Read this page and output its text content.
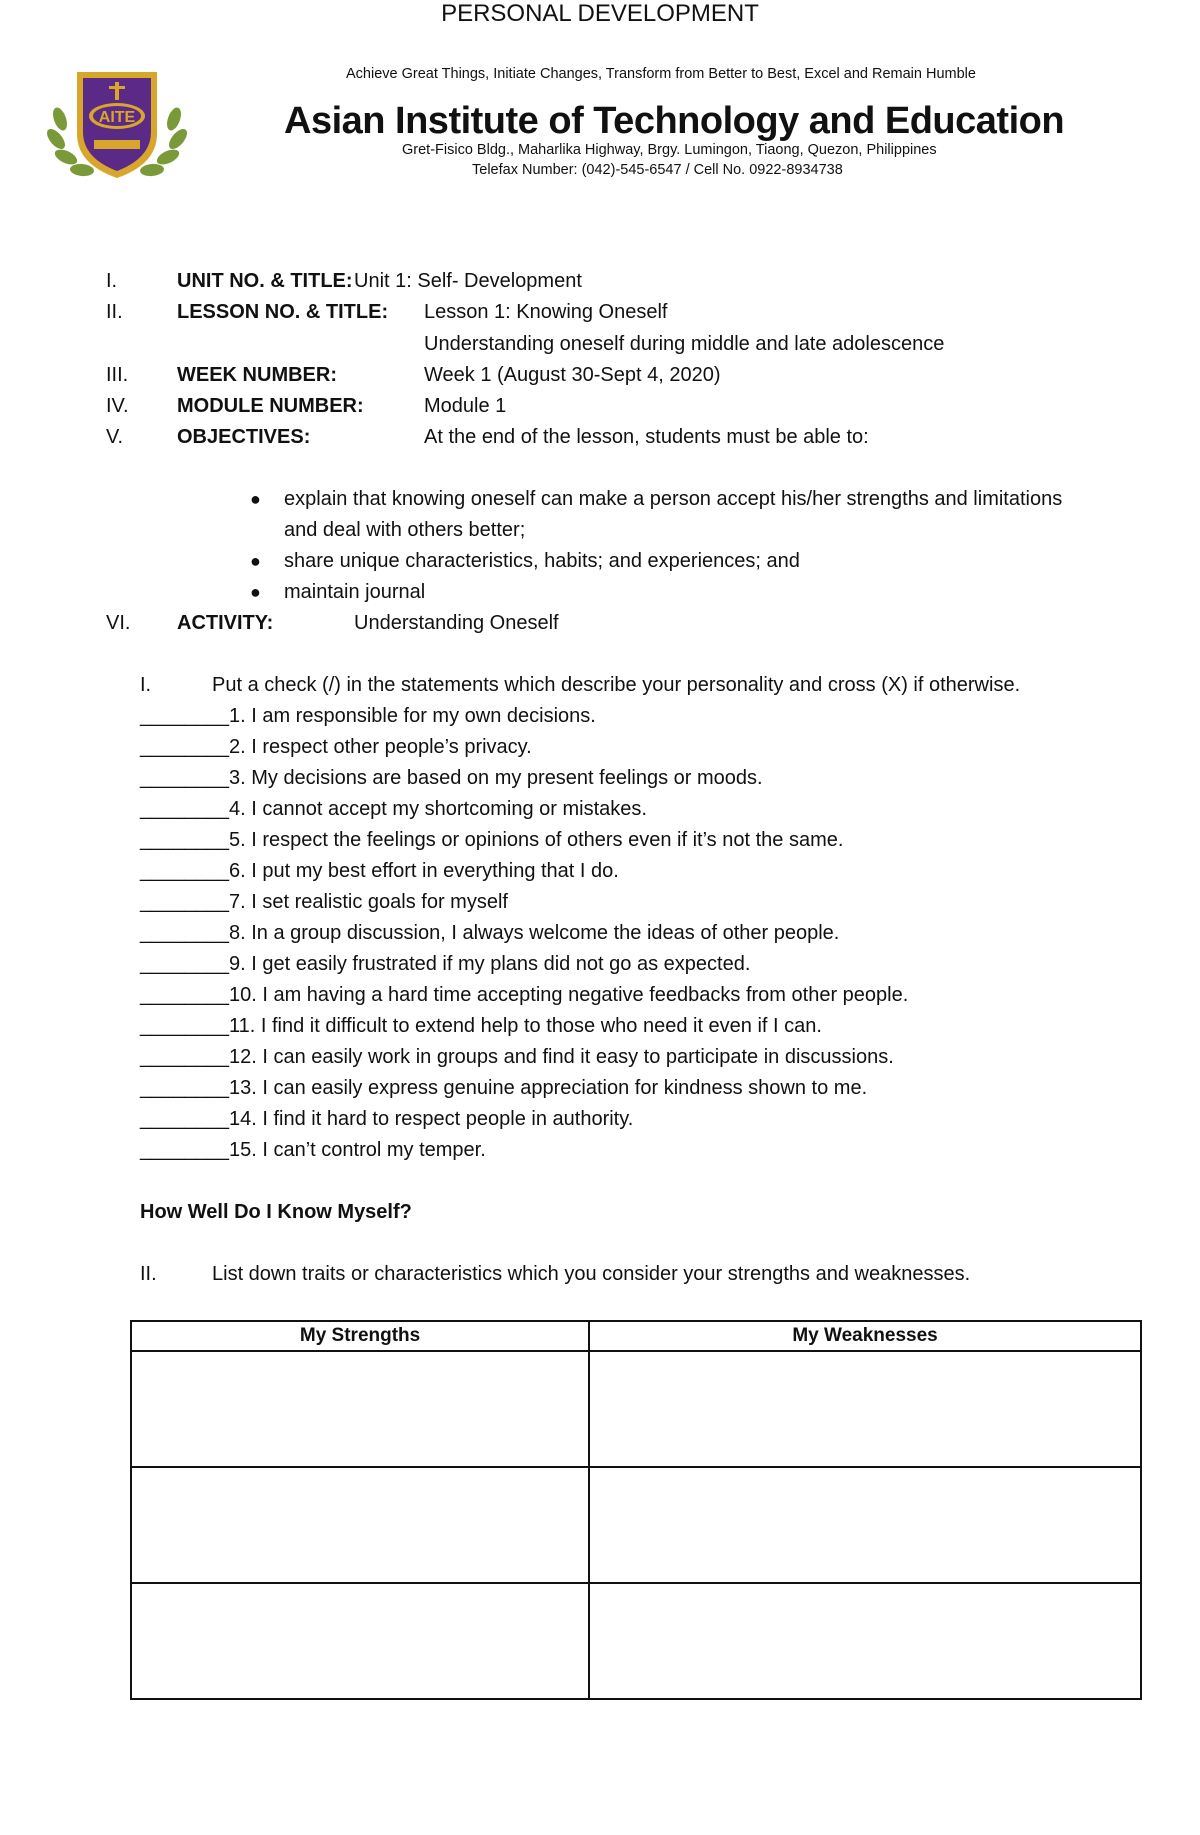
AITE
Achieve Great Things, Initiate Changes, Transform from Better to Best, Excel and Remain Humble
Asian Institute of Technology and Education
Gret-Fisico Bldg., Maharlika Highway, Brgy. Lumingon, Tiaong, Quezon, Philippines
Telefax Number: (042)-545-6547 / Cell No. 0922-8934738
PERSONAL DEVELOPMENT
I.	UNIT NO. & TITLE: Unit 1: Self- Development
II.	LESSON NO. & TITLE: Lesson 1: Knowing Oneself
Understanding oneself during middle and late adolescence
III. WEEK NUMBER:	Week 1 (August 30-Sept 4, 2020)
IV. MODULE NUMBER:	Module 1
V.	OBJECTIVES:	At the end of the lesson, students must be able to:
● explain that knowing oneself can make a person accept his/her strengths and limitations
and deal with others better;
● share unique characteristics, habits; and experiences; and
● maintain journal
VI. ACTIVITY:	Understanding Oneself
I.	Put a check (/) in the statements which describe your personality and cross (X) if otherwise.
________1. I am responsible for my own decisions.
________2. I respect other people’s privacy.
________3. My decisions are based on my present feelings or moods.
________4. I cannot accept my shortcoming or mistakes.
________5. I respect the feelings or opinions of others even if it’s not the same.
________6. I put my best effort in everything that I do.
________7. I set realistic goals for myself
________8. In a group discussion, I always welcome the ideas of other people.
________9. I get easily frustrated if my plans did not go as expected.
________10. I am having a hard time accepting negative feedbacks from other people.
________11. I find it difficult to extend help to those who need it even if I can.
________12. I can easily work in groups and find it easy to participate in discussions.
________13. I can easily express genuine appreciation for kindness shown to me.
________14. I find it hard to respect people in authority.
________15. I can’t control my temper.
How Well Do I Know Myself?
II.	List down traits or characteristics which you consider your strengths and weaknesses.
My Strengths	My Weaknesses
